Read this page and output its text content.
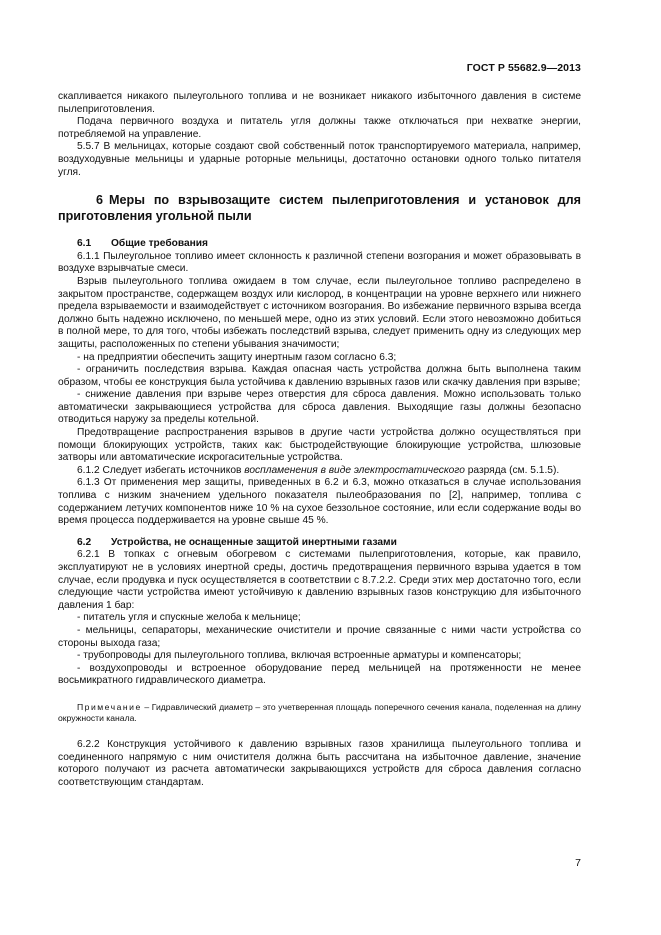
ГОСТ Р 55682.9—2013

скапливается никакого пылеугольного топлива и не возникает никакого избыточного давления в системе пылеприготовления.

Подача первичного воздуха и питатель угля должны также отключаться при нехватке энергии, потребляемой на управление.

5.5.7 В мельницах, которые создают свой собственный поток транспортируемого материала, например, воздуходувные мельницы и ударные роторные мельницы, достаточно остановки одного только питателя угля.

6 Меры по взрывозащите систем пылеприготовления и установок для приготовления угольной пыли
6.1 Общие требования

6.1.1 Пылеугольное топливо имеет склонность к различной степени возгорания и может образовывать в воздухе взрывчатые смеси.

Взрыв пылеугольного топлива ожидаем в том случае, если пылеугольное топливо распределено в закрытом пространстве, содержащем воздух или кислород, в концентрации на уровне верхнего или нижнего предела взрываемости и взаимодействует с источником возгорания. Во избежание первичного взрыва всегда должно быть надежно исключено, по меньшей мере, одно из этих условий. Если этого невозможно добиться в полной мере, то для того, чтобы избежать последствий взрыва, следует применить одну из следующих мер защиты, расположенных по степени убывания значимости;

- на предприятии обеспечить защиту инертным газом согласно 6.3;

- ограничить последствия взрыва. Каждая опасная часть устройства должна быть выполнена таким образом, чтобы ее конструкция была устойчива к давлению взрывных газов или скачку давления при взрыве;

- снижение давления при взрыве через отверстия для сброса давления. Можно использовать только автоматически закрывающиеся устройства для сброса давления. Выходящие газы должны безопасно отводиться наружу за пределы котельной.

Предотвращение распространения взрывов в другие части устройства должно осуществляться при помощи блокирующих устройств, таких как: быстродействующие блокирующие устройства, шлюзовые затворы или автоматические искрогасительные устройства.

6.1.2 Следует избегать источников воспламенения в виде электростатического разряда (см. 5.1.5).

6.1.3 От применения мер защиты, приведенных в 6.2 и 6.3, можно отказаться в случае использования топлива с низким значением удельного показателя пылеобразования по [2], например, топлива с содержанием летучих компонентов ниже 10 % на сухое беззольное состояние, или если содержание воды во время процесса поддерживается на уровне свыше 45 %.

6.2 Устройства, не оснащенные защитой инертными газами

6.2.1 В топках с огневым обогревом с системами пылеприготовления, которые, как правило, эксплуатируют не в условиях инертной среды, достичь предотвращения первичного взрыва удается в том случае, если продувка и пуск осуществляется в соответствии с 8.7.2.2. Среди этих мер достаточно того, если следующие части устройства имеют устойчивую к давлению взрывных газов конструкцию для избыточного давления 1 бар:

- питатель угля и спускные желоба к мельнице;

- мельницы, сепараторы, механические очистители и прочие связанные с ними части устройства со стороны выхода газа;

- трубопроводы для пылеугольного топлива, включая встроенные арматуры и компенсаторы;

- воздухопроводы и встроенное оборудование перед мельницей на протяженности не менее восьмикратного гидравлического диаметра.

Примечание – Гидравлический диаметр – это учетверенная площадь поперечного сечения канала, поделенная на длину окружности канала.

6.2.2 Конструкция устойчивого к давлению взрывных газов хранилища пылеугольного топлива и соединенного напрямую с ним очистителя должна быть рассчитана на избыточное давление, значение которого получают из расчета автоматически закрывающихся устройств для сброса давления согласно соответствующим стандартам.

7
